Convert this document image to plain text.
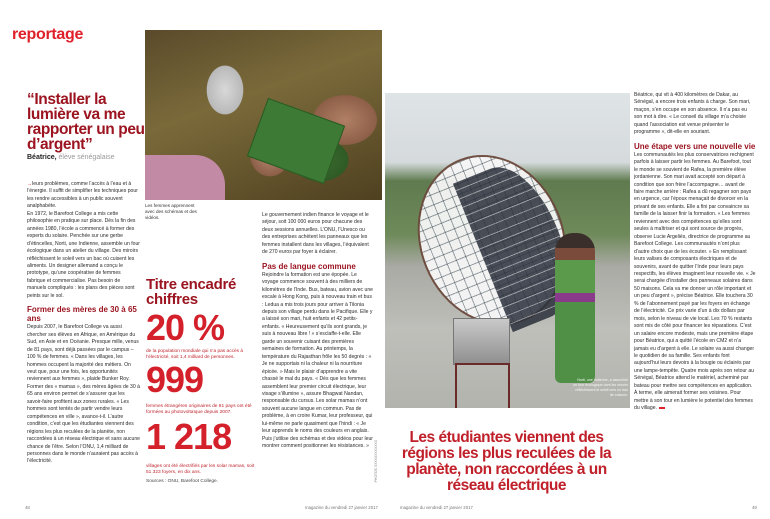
reportage
“Installer la lumière va me rapporter un peu d’argent”
Béatrice, élève sénégalaise

→leurs problèmes, comme l’accès à l’eau et à l’énergie. Il suffit de simplifier les techniques pour les rendre accessibles à un public souvent analphabète.

En 1972, le Barefoot College a mis cette philosophie en pratique sur place. Dès la fin des années 1980, l’école a commencé à former des experts du solaire. Penchée sur une gerbe d’étincelles, Norti, une Indienne, assemble un four écologique dans un atelier du village. Des miroirs réfléchissent le soleil vers un bac où cuisent les aliments. Un designer allemand a conçu le prototype, qu’une coopérative de femmes fabrique et commercialise. Pas besoin de manuels compliqués : les plans des pièces sont peints sur le sol.

Former des mères de 30 à 65 ans

Depuis 2007, le Barefoot College va aussi chercher ses élèves en Afrique, en Amérique du Sud, en Asie et en Océanie. Presque mille, venus de 81 pays, sont déjà passées par le campus – 100 % de femmes. « Dans les villages, les hommes occupent la majorité des métiers. On veut que, pour une fois, les opportunités reviennent aux femmes », plaide Bunker Roy. Former des « mamas », des mères âgées de 30 à 65 ans environ permet de s’assurer que les savoir-faire profitent aux zones rurales. « Les hommes sont tentés de partir vendre leurs compétences en ville », avance-t-il. L’autre condition, c’est que les étudiantes viennent des régions les plus reculées de la planète, non raccordées à un réseau électrique et sans aucune chance de l’être. Selon l’ONU, 1,4 milliard de personnes dans le monde n’auraient pas accès à l’électricité.

Les femmes apprennent avec des schémas et des vidéos.
Titre encadré chiffres
20 %
de la population mondiale qui n’a pas accès à l’électricité, soit 1,4 milliard de personnes.
999
femmes étrangères originaires de 81 pays ont été formées au photovoltaïque depuis 2007.
1 218
villages ont été électrifiés par les solar mamas, soit 51 323 foyers, en dix ans.
Sources : ONU, Barefoot College.

Le gouvernement indien finance le voyage et le séjour, soit 100 000 euros pour chacune des deux sessions annuelles. L’ONU, l’Unesco ou des entreprises achètent les panneaux que les femmes installent dans les villages, l’équivalent de 270 euros par foyer à éclairer.

Pas de langue commune

Rejoindre la formation est une épopée. Le voyage commence souvent à des milliers de kilomètres de l’Inde. Bus, bateau, avion avec une escale à Hong Kong, puis à nouveau train et bus : Ledua a mis trois jours pour arriver à Tilonia depuis son village perdu dans le Pacifique. Elle y a laissé son mari, huit enfants et 42 petits-enfants. « Heureusement qu’ils sont grands, je suis à nouveau libre ! » s’esclaffe-t-elle. Elle garde un souvenir cuisant des premières semaines de formation. Au printemps, la température du Rajasthan frôle les 50 degrés : « Je ne supportais ni la chaleur ni la nourriture épicée. » Mais le plaisir d’apprendre a vite chassé le mal du pays. « Dès que les femmes assemblent leur premier circuit électrique, leur visage s’illumine », assure Bhagwat Nandan, responsable du cursus. Les solar mamas n’ont souvent aucune langue en commun. Pas de problème, à en croire Kumar, leur professeur, qui lui-même ne parle quasiment que l’hindi : « Je leur apprends le noms des couleurs en anglais. Puis j’utilise des schémas et des vidéos pour leur montrer comment positionner les résistances. »

Norti, une Indienne, a assemblé un four écologique dont les miroirs réfléchissent le soleil vers un bac de cuisson.
PHOTOS XXXXXXXXXXXX
Les étudiantes viennent des régions les plus reculées de la planète, non raccordées à un réseau électrique

Béatrice, qui vit à 400 kilomètres de Dakar, au Sénégal, a encore trois enfants à charge. Son mari, maçon, s’en occupe en son absence. Il n’a pas eu son mot à dire. « Le conseil du village m’a choisie quand l’association est venue présenter le programme », dit-elle en souriant.

Une étape vers une nouvelle vie

Les communautés les plus conservatrices rechignent parfois à laisser partir les femmes. Au Barefoot, tout le monde se souvient de Rafea, la première élève jordanienne. Son mari avait accepté son départ à condition que son frère l’accompagne… avant de faire marche arrière : Rafea a dû regagner son pays en urgence, car l’époux menaçait de divorcer en la privant de ses enfants. Elle a fini par convaincre sa famille de la laisser finir la formation. « Les femmes reviennent avec des compétences qu’elles sont seules à maîtriser et qui sont source de progrès, observe Lucie Argeliès, directrice de programme au Barefoot College. Les communautés n’ont plus d’autre choix que de les écouter. » En remplissant leurs valises de composants électriques et de souvenirs, avant de quitter l’Inde pour leurs pays respectifs, les élèves imaginent leur nouvelle vie. « Je serai chargée d’installer des panneaux solaires dans 50 maisons. Cela va me donner un rôle important et un peu d’argent », précise Béatrice. Elle touchera 30 % de l’abonnement payé par les foyers en échange de l’électricité. Ce prix varie d’un à dix dollars par mois, selon le niveau de vie local. Les 70 % restants sont mis de côté pour financer les réparations. C’est un salaire encore modeste, mais une première étape pour Béatrice, qui a quitté l’école en CM2 et n’a jamais eu d’argent à elle. Le solaire va aussi changer le quotidien de sa famille. Ses enfants font aujourd’hui leurs devoirs à la bougie ou éclairés par une lampe-tempête. Quatre mois après son retour au Sénégal, Béatrice attend le matériel, acheminé par bateau pour mettre ses compétences en application. À terme, elle aimerait former ses voisines. Pour mettre à son tour en lumière le potentiel des femmes du village.

48	magazine du vendredi 27 janvier 2017	magazine du vendredi 27 janvier 2017	49
